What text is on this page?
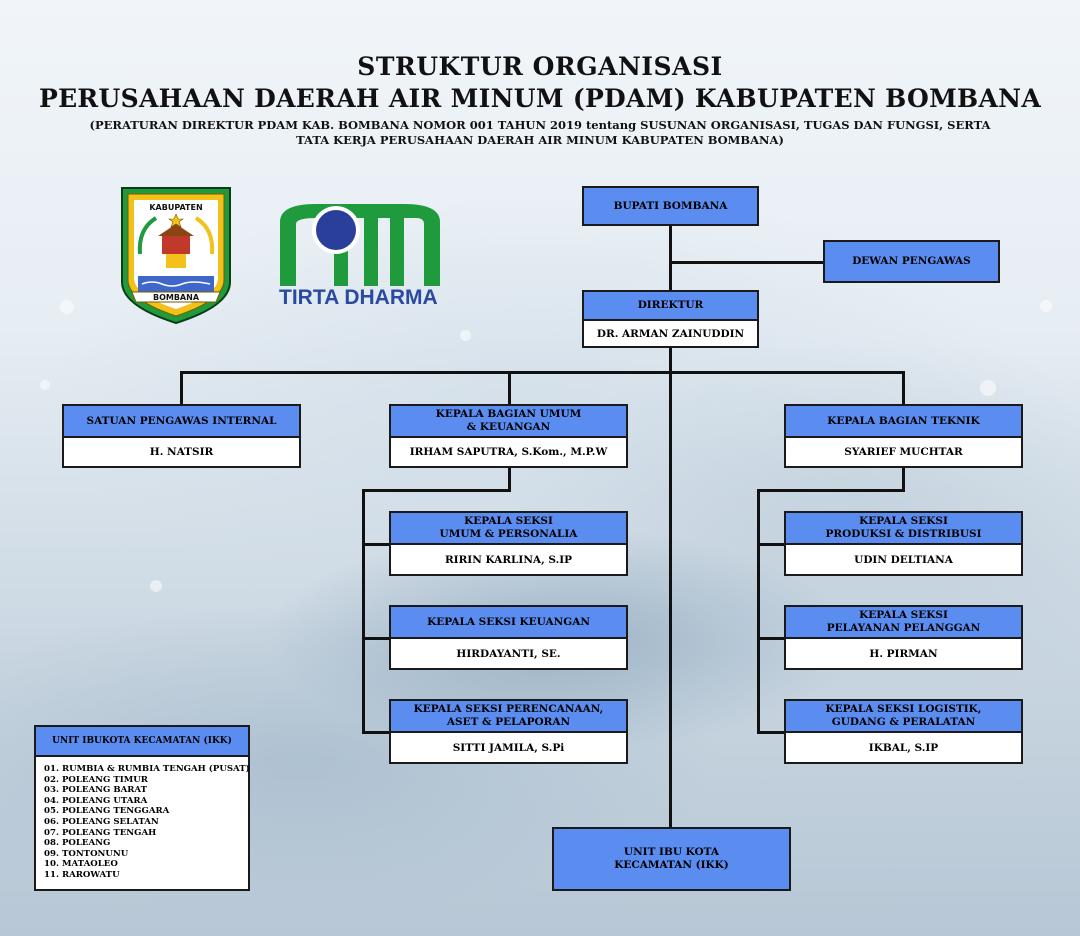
STRUKTUR ORGANISASI
PERUSAHAAN DAERAH AIR MINUM (PDAM) KABUPATEN BOMBANA
(PERATURAN DIREKTUR PDAM KAB. BOMBANA NOMOR 001 TAHUN 2019 tentang SUSUNAN ORGANISASI, TUGAS DAN FUNGSI, SERTA
TATA KERJA PERUSAHAAN DAERAH AIR MINUM KABUPATEN BOMBANA)
KABUPATEN
BOMBANA	TIRTA DHARMA
BUPATI BOMBANA
DEWAN PENGAWAS
DIREKTUR
DR. ARMAN ZAINUDDIN
SATUAN PENGAWAS INTERNAL
H. NATSIR
KEPALA BAGIAN UMUM & KEUANGAN
IRHAM SAPUTRA, S.Kom., M.P.W
KEPALA BAGIAN TEKNIK
SYARIEF MUCHTAR
KEPALA SEKSI
UMUM & PERSONALIA
RIRIN KARLINA, S.IP
KEPALA SEKSI KEUANGAN
HIRDAYANTI, SE.
KEPALA SEKSI PERENCANAAN,
ASET & PELAPORAN
SITTI JAMILA, S.Pi
KEPALA SEKSI
PRODUKSI & DISTRIBUSI
UDIN DELTIANA
KEPALA SEKSI
PELAYANAN PELANGGAN
H. PIRMAN
KEPALA SEKSI LOGISTIK,
GUDANG & PERALATAN
IKBAL, S.IP
UNIT IBU KOTA
KECAMATAN (IKK)
UNIT IBUKOTA KECAMATAN (IKK)
01. RUMBIA & RUMBIA TENGAH (PUSAT)
02. POLEANG TIMUR
03. POLEANG BARAT
04. POLEANG UTARA
05. POLEANG TENGGARA
06. POLEANG SELATAN
07. POLEANG TENGAH
08. POLEANG
09. TONTONUNU
10. MATAOLEO
11. RAROWATU
